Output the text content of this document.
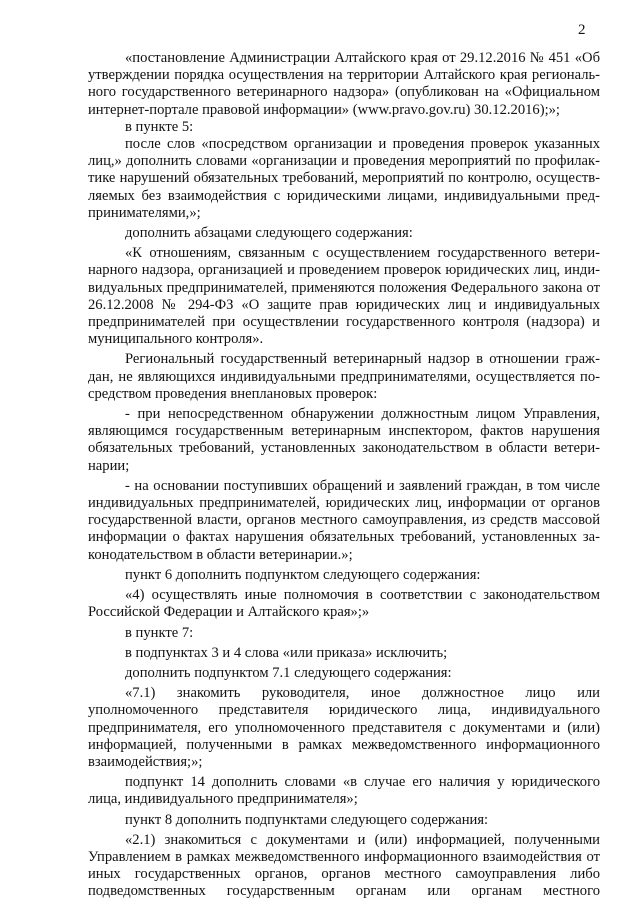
2

«постановление Администрации Алтайского края от 29.12.2016 № 451 «Об утверждении порядка осуществления на территории Алтайского края региональ-ного государственного ветеринарного надзора» (опубликован на «Официальном интернет-портале правовой информации» (www.pravo.gov.ru) 30.12.2016);»;

в пункте 5:

после слов «посредством организации и проведения проверок указанных лиц,» дополнить словами «организации и проведения мероприятий по профилак-тике нарушений обязательных требований, мероприятий по контролю, осуществ-ляемых без взаимодействия с юридическими лицами, индивидуальными пред-принимателями,»;

дополнить абзацами следующего содержания:

«К отношениям, связанным с осуществлением государственного ветери-нарного надзора, организацией и проведением проверок юридических лиц, инди-видуальных предпринимателей, применяются положения Федерального закона от 26.12.2008 № 294-ФЗ «О защите прав юридических лиц и индивидуальных предпринимателей при осуществлении государственного контроля (надзора) и муниципального контроля».

Региональный государственный ветеринарный надзор в отношении граж-дан, не являющихся индивидуальными предпринимателями, осуществляется по-средством проведения внеплановых проверок:

- при непосредственном обнаружении должностным лицом Управления, являющимся государственным ветеринарным инспектором, фактов нарушения обязательных требований, установленных законодательством в области ветери-нарии;

- на основании поступивших обращений и заявлений граждан, в том числе индивидуальных предпринимателей, юридических лиц, информации от органов государственной власти, органов местного самоуправления, из средств массовой информации о фактах нарушения обязательных требований, установленных за-конодательством в области ветеринарии.»;

пункт 6 дополнить подпунктом следующего содержания:

«4) осуществлять иные полномочия в соответствии с законодательством Российской Федерации и Алтайского края»;»

в пункте 7:

в подпунктах 3 и 4 слова «или приказа» исключить;

дополнить подпунктом 7.1 следующего содержания:

«7.1) знакомить руководителя, иное должностное лицо или уполномоченного представителя юридического лица, индивидуального предпринимателя, его уполномоченного представителя с документами и (или) информацией, полученными в рамках межведомственного информационного взаимодействия;»;

подпункт 14 дополнить словами «в случае его наличия у юридического лица, индивидуального предпринимателя»;

пункт 8 дополнить подпунктами следующего содержания:

«2.1) знакомиться с документами и (или) информацией, полученными Управлением в рамках межведомственного информационного взаимодействия от иных государственных органов, органов местного самоуправления либо подведомственных государственным органам или органам местного
